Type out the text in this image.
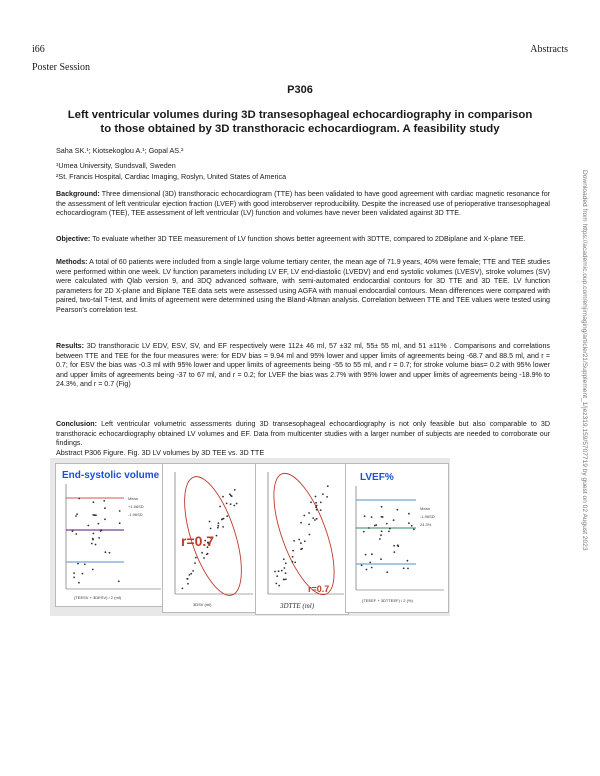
i66	Abstracts
Poster Session
P306
Left ventricular volumes during 3D transesophageal echocardiography in comparison
to those obtained by 3D transthoracic echocardiogram. A feasibility study
Saha SK.¹; Kiotsekoglou A.¹; Gopal AS.²
¹Umea University, Sundsvall, Sweden
²St. Francis Hospital, Cardiac Imaging, Roslyn, United States of America
Background: Three dimensional (3D) transthoracic echocardiogram (TTE) has been validated to have good agreement with cardiac magnetic resonance for the assessment of left ventricular ejection fraction (LVEF) with good interobserver reproducibility. Despite the increased use of perioperative transesophageal echocardiogram (TEE), TEE assessment of left ventricular (LV) function and volumes have never been validated against 3D TTE.
Objective: To evaluate whether 3D TEE measurement of LV function shows better agreement with 3DTTE, compared to 2DBiplane and X-plane TEE.
Methods: A total of 60 patients were included from a single large volume tertiary center, the mean age of 71.9 years, 40% were female; TTE and TEE studies were performed within one week. LV function parameters including LV EF, LV end-diastolic (LVEDV) and end systolic volumes (LVESV), stroke volumes (SV) were calculated with Qlab version 9, and 3DQ advanced software, with semi-automated endocardial contours for 3D TTE and 3D TEE. LV function parameters for 2D X-plane and Biplane TEE data sets were assessed using AGFA with manual endocardial contours. Mean differences were compared with paired, two-tail T-test, and limits of agreement were determined using the Bland-Altman analysis. Correlation between TTE and TEE values were tested using Pearson's correlation test.
Results: 3D transthoracic LV EDV, ESV, SV, and EF respectively were 112± 46 ml, 57 ±32 ml, 55± 55 ml, and 51 ±11% . Comparisons and correlations between TTE and TEE for the four measures were: for EDV bias = 9.94 ml and 95% lower and upper limits of agreements being -68.7 and 88.5 ml, and r = 0.7; for ESV the bias was -0.3 ml with 95% lower and upper limits of agreements being -55 to 55 ml, and r = 0.7; for stroke volume bias= 0.2 with 95% lower and upper limits of agreements being -37 to 67 ml, and r = 0.2; for LVEF the bias was 2.7% with 95% lower and upper limits of agreements being -18.9% to 24.3%, and r = 0.7 (Fig)
Conclusion: Left ventricular volumetric assessments during 3D transesophageal echocardiography is not only feasible but also comparable to 3D transthoracic echocardiography obtained LV volumes and EF. Data from multicenter studies with a larger number of subjects are needed to corroborate our findings.
Abstract P306 Figure. Fig. 3D LV volumes by 3D TEE vs. 3D TTE	Downloaded from https://academic.oup.com/ehjimaging/article/21/Supplement_1/jez319.159/5707719 by guest on 02 August 2023
End-systolic volume
Mean
+1.96SD
-1.96SD
(TEESV + 3DESV) / 2 (ml)
r=0.7
3DSV (ml)
r=0.7
3DTTE (ml)
LVEF%
Mean
-1.96SD
24.3%
(TEEEF + 3DTTEEF) / 2 (%)
